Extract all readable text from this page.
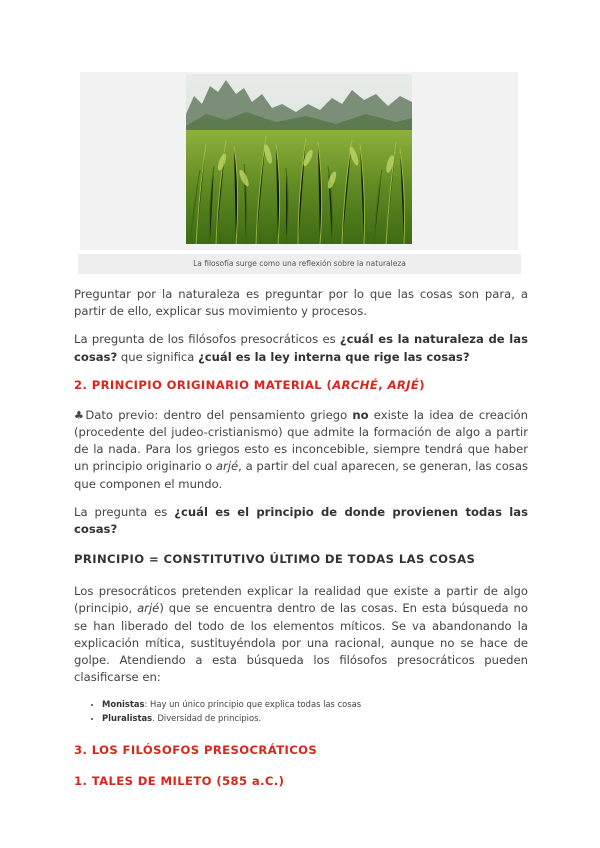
La filosofía surge como una reflexión sobre la naturaleza

Preguntar por la naturaleza es preguntar por lo que las cosas son para, a partir de ello, explicar sus movimiento y procesos.

La pregunta de los filósofos presocráticos es ¿cuál es la naturaleza de las cosas? que significa ¿cuál es la ley interna que rige las cosas?

2. PRINCIPIO ORIGINARIO MATERIAL (ARCHÉ, ARJÉ)

♣Dato previo: dentro del pensamiento griego no existe la idea de creación (procedente del judeo-cristianismo) que admite la formación de algo a partir de la nada. Para los griegos esto es inconcebible, siempre tendrá que haber un principio originario o arjé, a partir del cual aparecen, se generan, las cosas que componen el mundo.

La pregunta es ¿cuál es el principio de donde provienen todas las cosas?

PRINCIPIO = CONSTITUTIVO ÚLTIMO DE TODAS LAS COSAS

Los presocráticos pretenden explicar la realidad que existe a partir de algo (principio, arjé) que se encuentra dentro de las cosas. En esta búsqueda no se han liberado del todo de los elementos míticos. Se va abandonando la explicación mítica, sustituyéndola por una racional, aunque no se hace de golpe. Atendiendo a esta búsqueda los filósofos presocráticos pueden clasificarse en:

• Monistas: Hay un único principio que explica todas las cosas
• Pluralistas. Diversidad de principios.
3. LOS FILÓSOFOS PRESOCRÁTICOS
1. TALES DE MILETO (585 a.C.)
